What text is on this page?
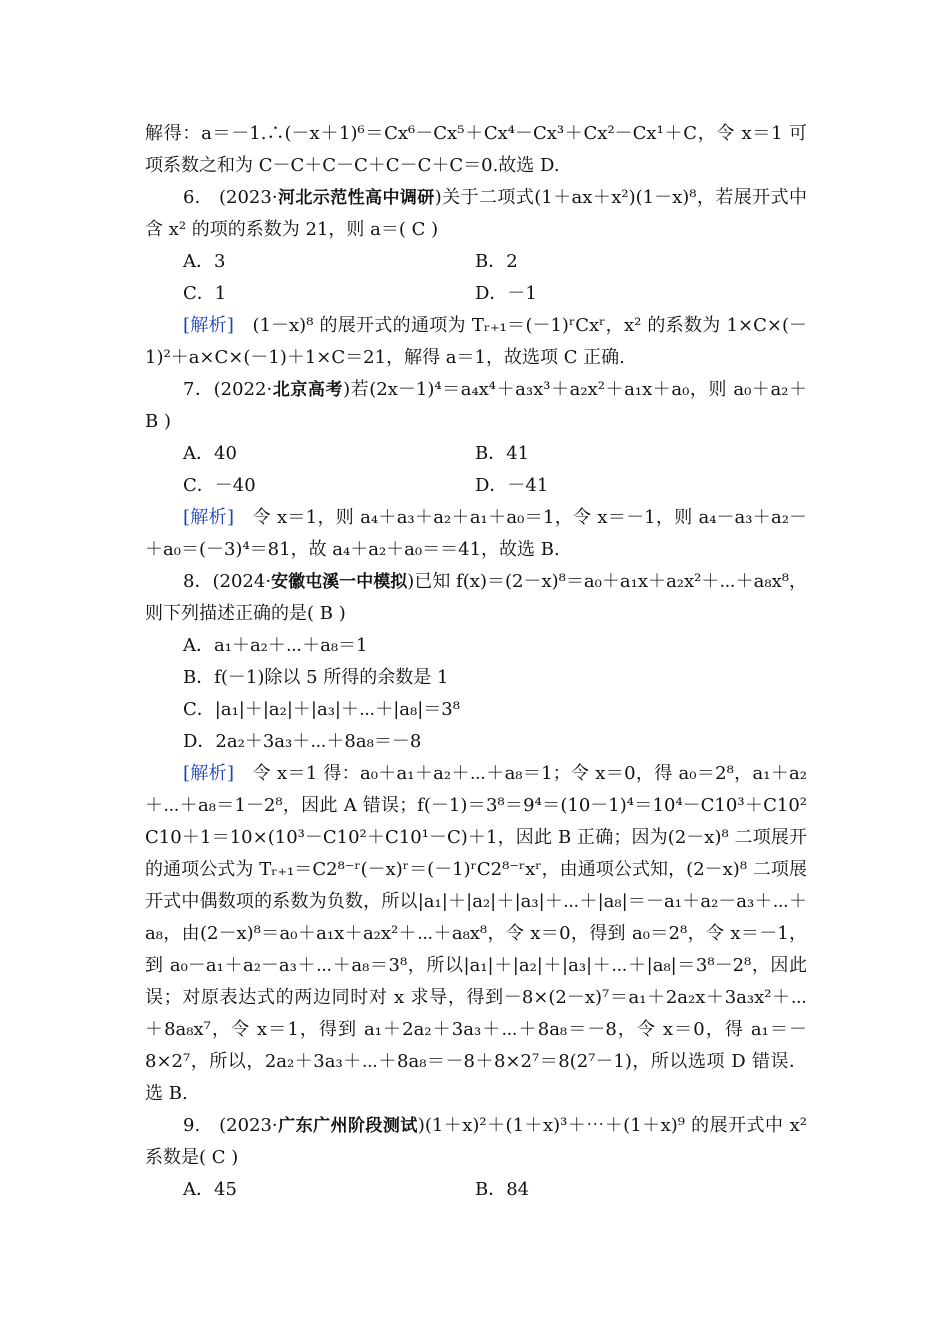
解得：a＝－1.∴(－x＋1)⁶＝Cx⁶－Cx⁵＋Cx⁴－Cx³＋Cx²－Cx¹＋C，令 x＝1 可
项系数之和为 C－C＋C－C＋C－C＋C＝0.故选 D.
6.　(2023·河北示范性高中调研)关于二项式(1＋ax＋x²)(1－x)⁸，若展开式中
含 x² 的项的系数为 21，则 a＝( C )
A．3	B．2
C．1	D．－1
[解析]　(1－x)⁸ 的展开式的通项为 Tᵣ₊₁＝(－1)ʳCxʳ，x² 的系数为 1×C×(－
1)²＋a×C×(－1)＋1×C＝21，解得 a＝1，故选项 C 正确.
7．(2022·北京高考)若(2x－1)⁴＝a₄x⁴＋a₃x³＋a₂x²＋a₁x＋a₀，则 a₀＋a₂＋
B )
A．40	B．41
C．－40	D．－41
[解析]　令 x＝1，则 a₄＋a₃＋a₂＋a₁＋a₀＝1，令 x＝－1，则 a₄－a₃＋a₂－
＋a₀＝(－3)⁴＝81，故 a₄＋a₂＋a₀＝＝41，故选 B.
8．(2024·安徽屯溪一中模拟)已知 f(x)＝(2－x)⁸＝a₀＋a₁x＋a₂x²＋⋯＋a₈x⁸，
则下列描述正确的是( B )
A．a₁＋a₂＋⋯＋a₈＝1
B．f(－1)除以 5 所得的余数是 1
C．|a₁|＋|a₂|＋|a₃|＋⋯＋|a₈|＝3⁸
D．2a₂＋3a₃＋⋯＋8a₈＝－8
[解析]　令 x＝1 得：a₀＋a₁＋a₂＋⋯＋a₈＝1；令 x＝0，得 a₀＝2⁸，a₁＋a₂
＋⋯＋a₈＝1－2⁸，因此 A 错误；f(－1)＝3⁸＝9⁴＝(10－1)⁴＝10⁴－C10³＋C10²
C10＋1＝10×(10³－C10²＋C10¹－C)＋1，因此 B 正确；因为(2－x)⁸ 二项展开
的通项公式为 Tᵣ₊₁＝C2⁸⁻ʳ(－x)ʳ＝(－1)ʳC2⁸⁻ʳxʳ，由通项公式知，(2－x)⁸ 二项展
开式中偶数项的系数为负数，所以|a₁|＋|a₂|＋|a₃|＋⋯＋|a₈|＝－a₁＋a₂－a₃＋⋯＋
a₈，由(2－x)⁸＝a₀＋a₁x＋a₂x²＋⋯＋a₈x⁸，令 x＝0，得到 a₀＝2⁸，令 x＝－1，
到 a₀－a₁＋a₂－a₃＋⋯＋a₈＝3⁸，所以|a₁|＋|a₂|＋|a₃|＋⋯＋|a₈|＝3⁸－2⁸，因此
误；对原表达式的两边同时对 x 求导，得到－8×(2－x)⁷＝a₁＋2a₂x＋3a₃x²＋⋯
＋8a₈x⁷，令 x＝1，得到 a₁＋2a₂＋3a₃＋⋯＋8a₈＝－8，令 x＝0，得 a₁＝－
8×2⁷，所以，2a₂＋3a₃＋⋯＋8a₈＝－8＋8×2⁷＝8(2⁷－1)，所以选项 D 错误．
选 B.
9.　(2023·广东广州阶段测试)(1＋x)²＋(1＋x)³＋⋯＋(1＋x)⁹ 的展开式中 x²
系数是( C )
A．45	B．84
